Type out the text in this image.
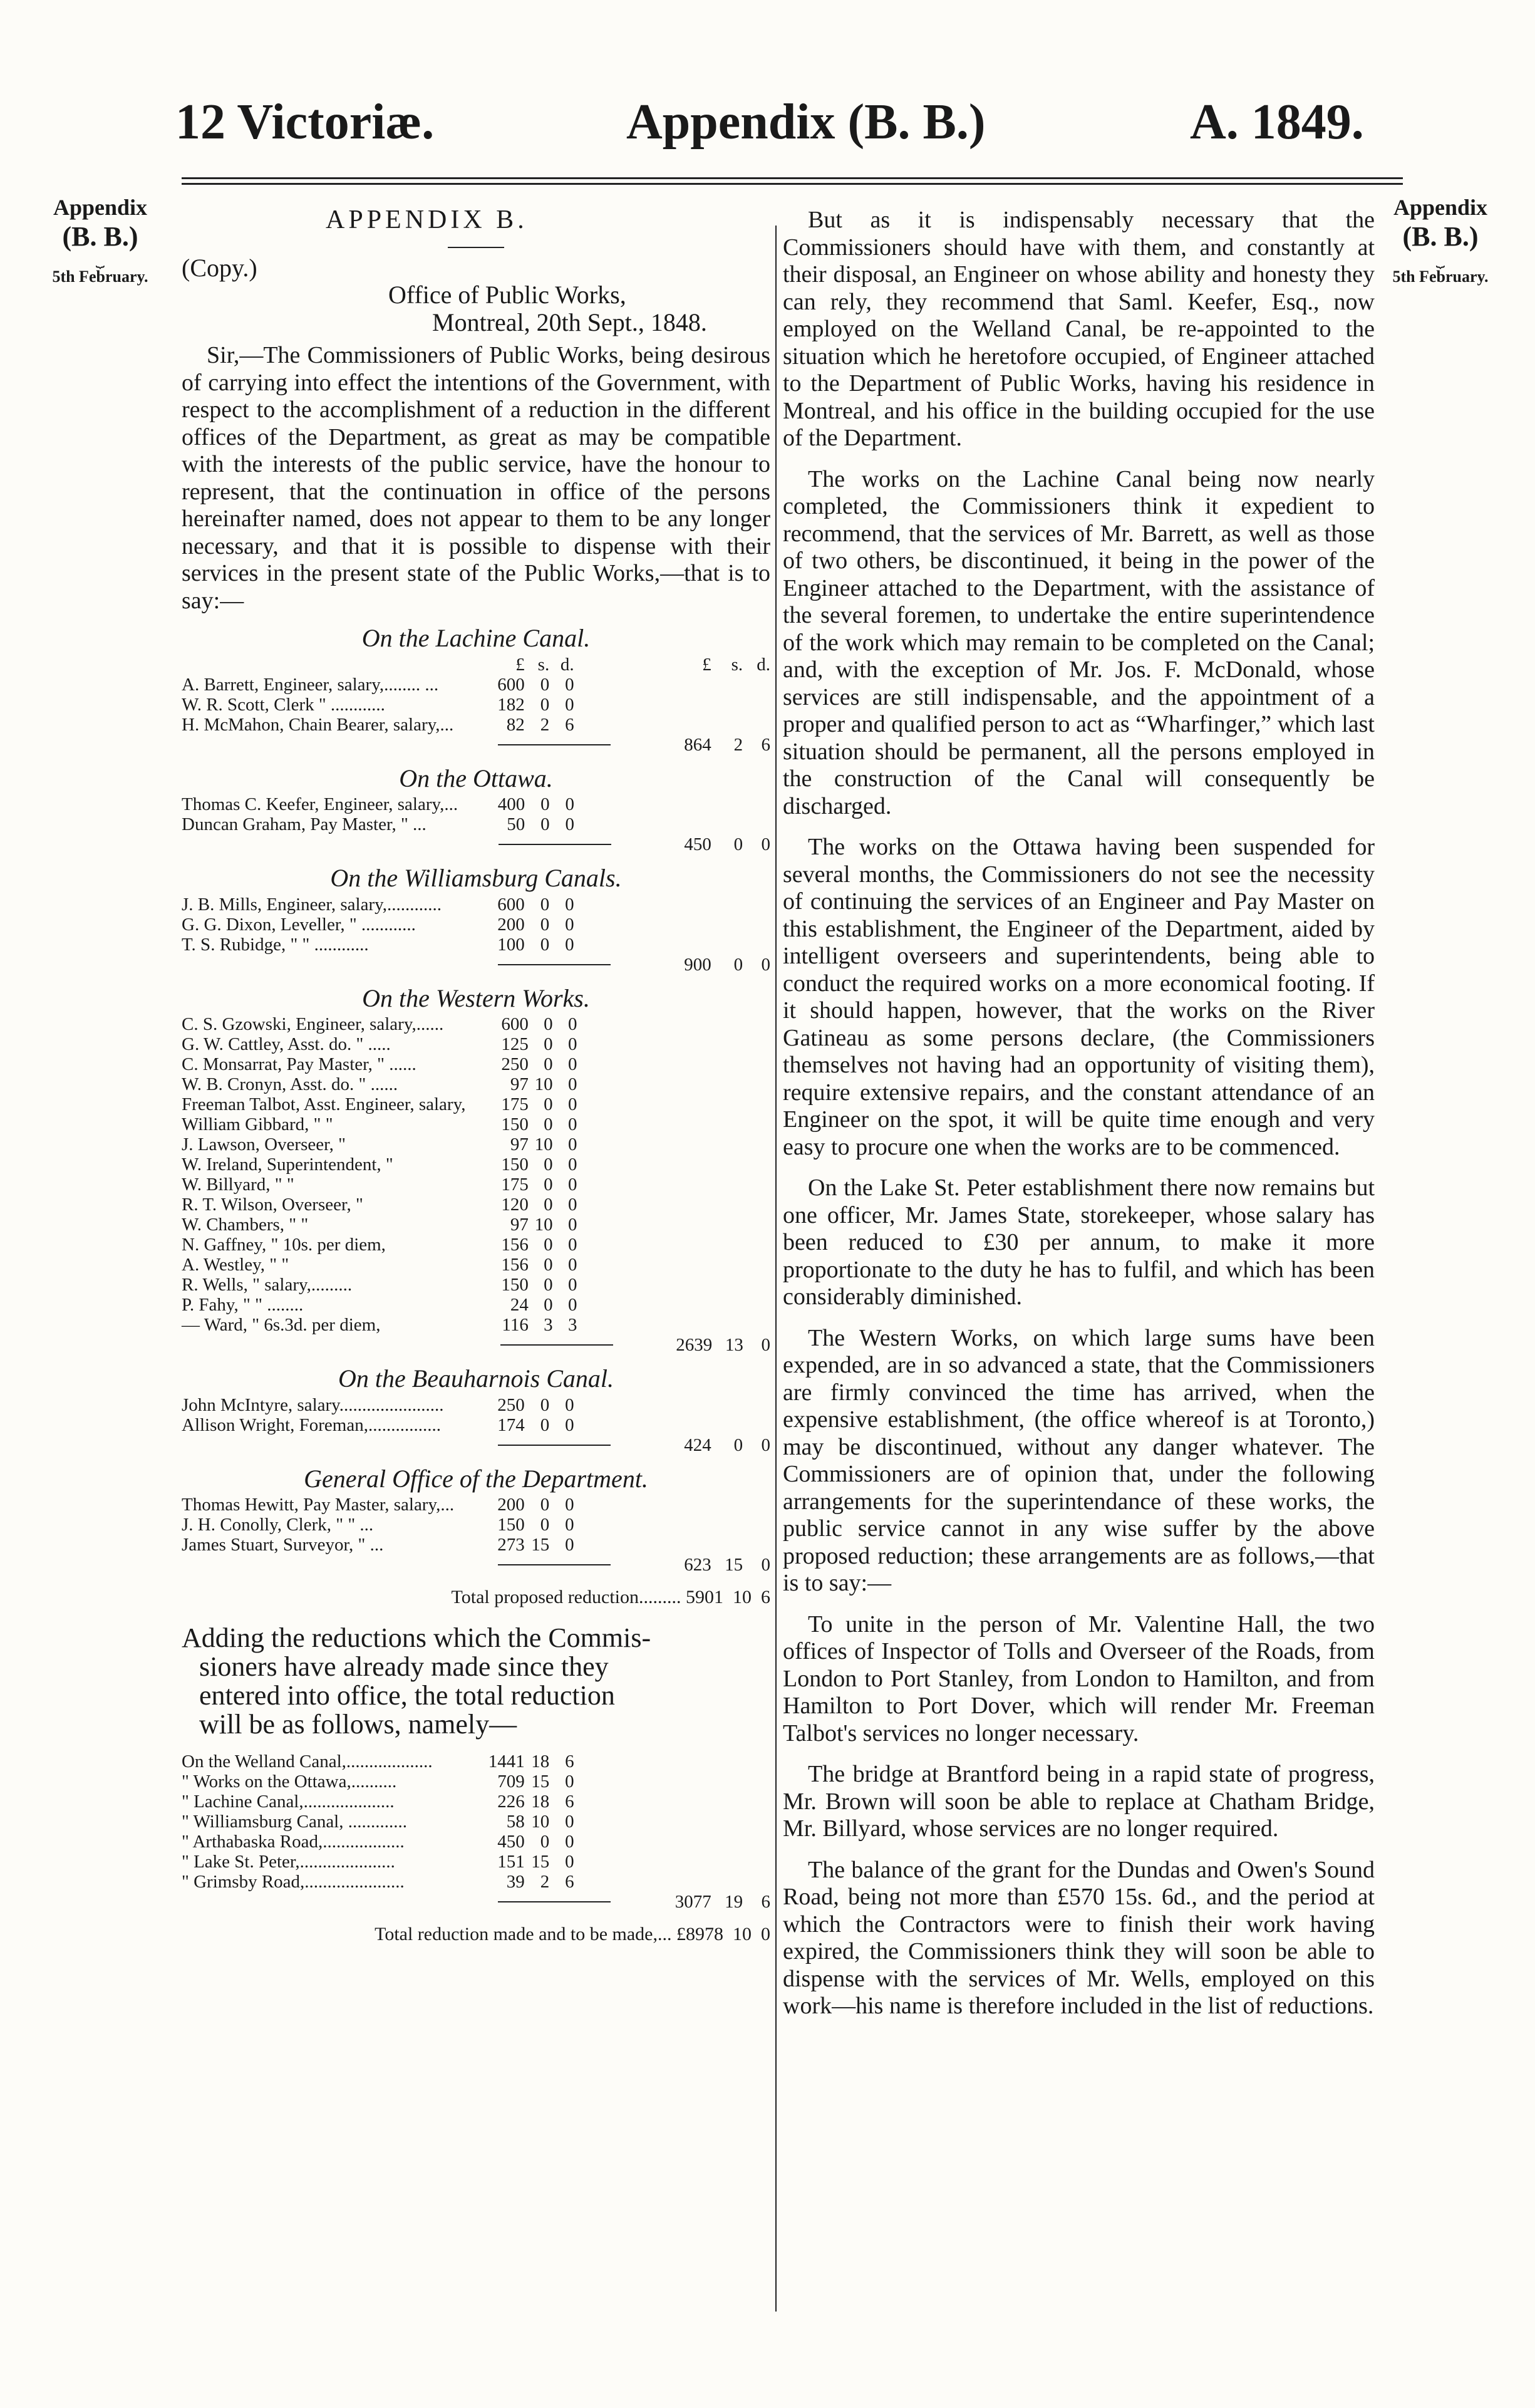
12 Victoriæ.	Appendix (B. B.)	A. 1849.
Appendix
(B. B.)
⏟
5th February.
Appendix
(B. B.)
⏟
5th February.
APPENDIX B.
(Copy.)
Office of Public Works,
Montreal, 20th Sept., 1848.

Sir,—The Commissioners of Public Works, being desirous of carrying into effect the intentions of the Government, with respect to the accomplishment of a reduction in the different offices of the Department, as great as may be compatible with the interests of the public service, have the honour to represent, that the continuation in office of the persons hereinafter named, does not appear to them to be any longer necessary, and that it is possible to dispense with their services in the present state of the Public Works,—that is to say:—

On the Lachine Canal.
	£	s.	d.		£	s.	d.
A. Barrett, Engineer, salary,........ ...	600	0	0				
W. R. Scott, Clerk " ............	182	0	0				
H. McMahon, Chain Bearer, salary,...	82	2	6				

					864	2	6
On the Ottawa.
Thomas C. Keefer, Engineer, salary,...	400	0	0				
Duncan Graham, Pay Master, " ...	50	0	0				

					450	0	0
On the Williamsburg Canals.
J. B. Mills, Engineer, salary,............	600	0	0				
G. G. Dixon, Leveller, " ............	200	0	0				
T. S. Rubidge, " " ............	100	0	0				

					900	0	0
On the Western Works.
C. S. Gzowski, Engineer, salary,......	600	0	0				
G. W. Cattley, Asst. do. " .....	125	0	0				
C. Monsarrat, Pay Master, " ......	250	0	0				
W. B. Cronyn, Asst. do. " ......	97	10	0				
Freeman Talbot, Asst. Engineer, salary,	175	0	0				
William Gibbard, " "	150	0	0				
J. Lawson, Overseer, "	97	10	0				
W. Ireland, Superintendent, "	150	0	0				
W. Billyard, " "	175	0	0				
R. T. Wilson, Overseer, "	120	0	0				
W. Chambers, " "	97	10	0				
N. Gaffney, " 10s. per diem,	156	0	0				
A. Westley, " "	156	0	0				
R. Wells, " salary,.........	150	0	0				
P. Fahy, " " ........	24	0	0				
— Ward, " 6s.3d. per diem,	116	3	3				

					2639	13	0
On the Beauharnois Canal.
John McIntyre, salary.......................	250	0	0				
Allison Wright, Foreman,................	174	0	0				

					424	0	0
General Office of the Department.
Thomas Hewitt, Pay Master, salary,...	200	0	0				
J. H. Conolly, Clerk, " " ...	150	0	0				
James Stuart, Surveyor, " ...	273	15	0				

					623	15	0
Total proposed reduction......... 5901 10 6
Adding the reductions which the Commis-
sioners have already made since they
entered into office, the total reduction
will be as follows, namely—
On the Welland Canal,...................	1441	18	6				
" Works on the Ottawa,..........	709	15	0				
" Lachine Canal,....................	226	18	6				
" Williamsburg Canal, .............	58	10	0				
" Arthabaska Road,..................	450	0	0				
" Lake St. Peter,.....................	151	15	0				
" Grimsby Road,......................	39	2	6				

					3077	19	6
Total reduction made and to be made,... £8978 10 0

But as it is indispensably necessary that the Commissioners should have with them, and constantly at their disposal, an Engineer on whose ability and honesty they can rely, they recommend that Saml. Keefer, Esq., now employed on the Welland Canal, be re-appointed to the situation which he heretofore occupied, of Engineer attached to the Department of Public Works, having his residence in Montreal, and his office in the building occupied for the use of the Department.

The works on the Lachine Canal being now nearly completed, the Commissioners think it expedient to recommend, that the services of Mr. Barrett, as well as those of two others, be discontinued, it being in the power of the Engineer attached to the Department, with the assistance of the several foremen, to undertake the entire superintendence of the work which may remain to be completed on the Canal; and, with the exception of Mr. Jos. F. McDonald, whose services are still indispensable, and the appointment of a proper and qualified person to act as “Wharfinger,” which last situation should be permanent, all the persons employed in the construction of the Canal will consequently be discharged.

The works on the Ottawa having been suspended for several months, the Commissioners do not see the necessity of continuing the services of an Engineer and Pay Master on this establishment, the Engineer of the Department, aided by intelligent overseers and superintendents, being able to conduct the required works on a more economical footing. If it should happen, however, that the works on the River Gatineau as some persons declare, (the Commissioners themselves not having had an opportunity of visiting them), require extensive repairs, and the constant attendance of an Engineer on the spot, it will be quite time enough and very easy to procure one when the works are to be commenced.

On the Lake St. Peter establishment there now remains but one officer, Mr. James State, storekeeper, whose salary has been reduced to £30 per annum, to make it more proportionate to the duty he has to fulfil, and which has been considerably diminished.

The Western Works, on which large sums have been expended, are in so advanced a state, that the Commissioners are firmly convinced the time has arrived, when the expensive establishment, (the office whereof is at Toronto,) may be discontinued, without any danger whatever. The Commissioners are of opinion that, under the following arrangements for the superintendance of these works, the public service cannot in any wise suffer by the above proposed reduction; these arrangements are as follows,—that is to say:—

To unite in the person of Mr. Valentine Hall, the two offices of Inspector of Tolls and Overseer of the Roads, from London to Port Stanley, from London to Hamilton, and from Hamilton to Port Dover, which will render Mr. Freeman Talbot's services no longer necessary.

The bridge at Brantford being in a rapid state of progress, Mr. Brown will soon be able to replace at Chatham Bridge, Mr. Billyard, whose services are no longer required.

The balance of the grant for the Dundas and Owen's Sound Road, being not more than £570 15s. 6d., and the period at which the Contractors were to finish their work having expired, the Commissioners think they will soon be able to dispense with the services of Mr. Wells, employed on this work—his name is therefore included in the list of reductions.
